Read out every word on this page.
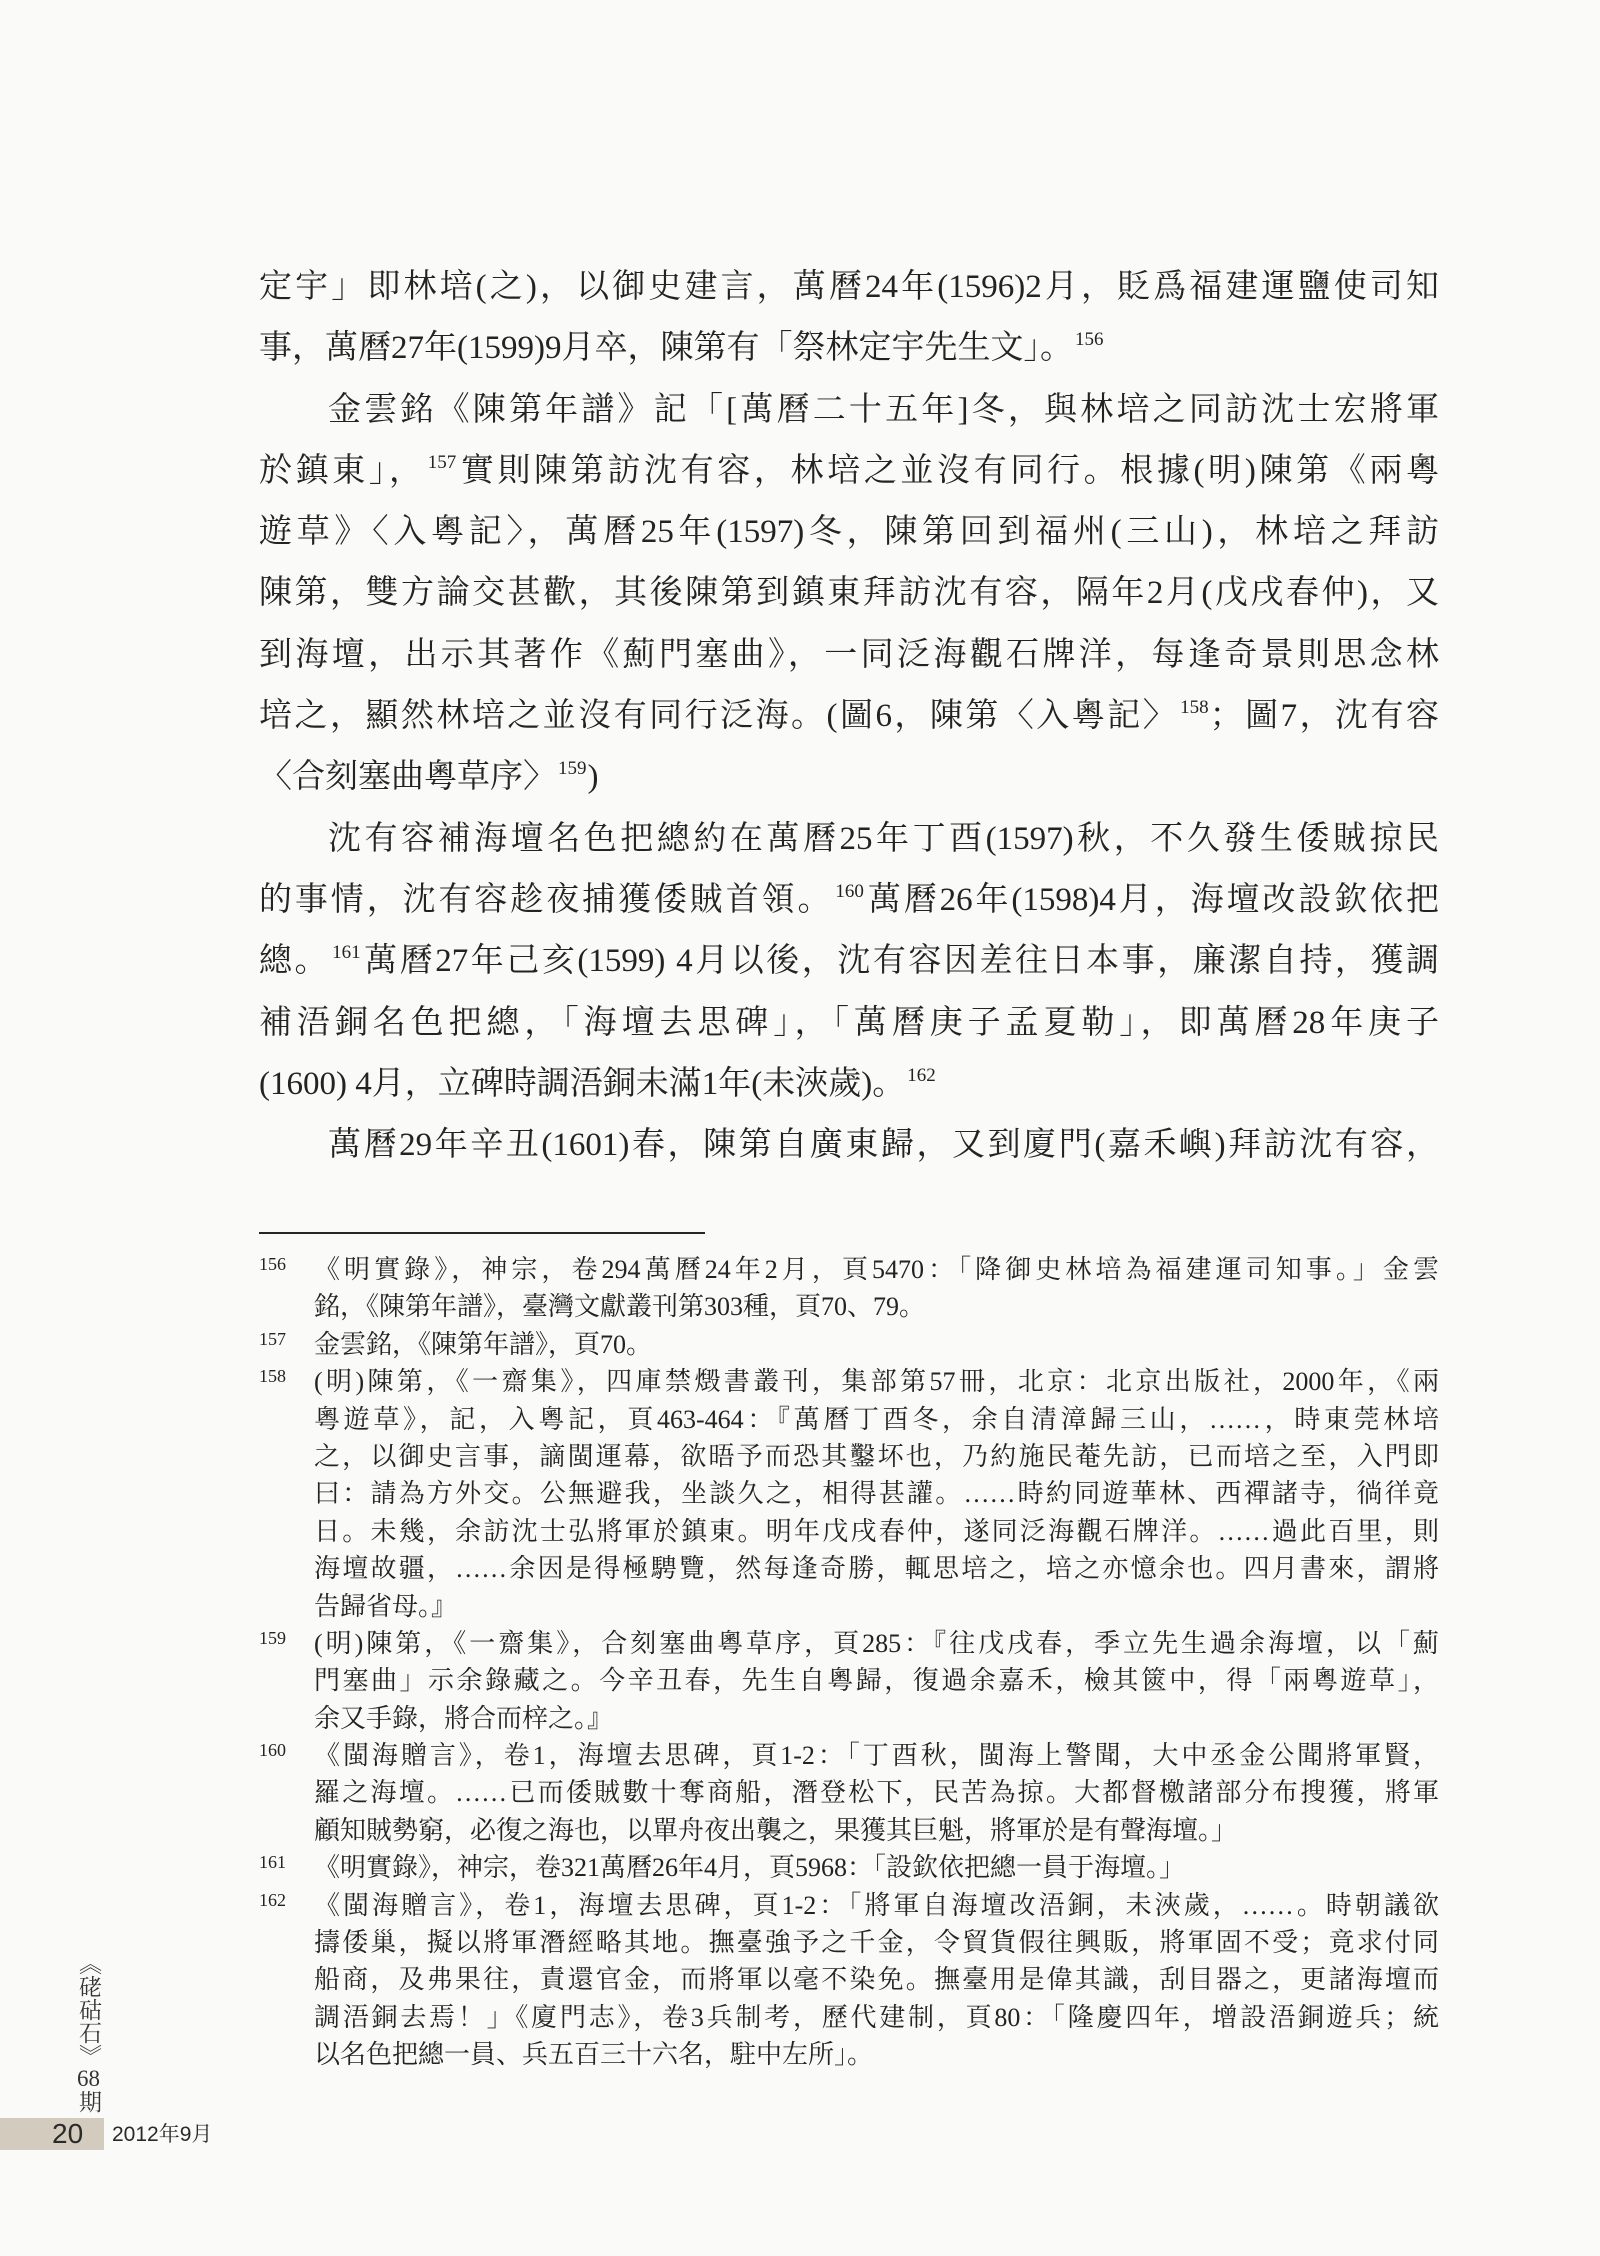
定宇」即林培(之)，以御史建言，萬曆24年(1596)2月，貶爲福建運鹽使司知
事，萬曆27年(1599)9月卒，陳第有「祭林定宇先生文」。 $^{156}$
金雲銘《陳第年譜》記「[萬曆二十五年]冬，與林培之同訪沈士宏將軍
於鎮東」， $^{157}$實則陳第訪沈有容，林培之並沒有同行。根據(明)陳第《兩粵
遊草》〈入粵記〉，萬曆25年(1597)冬，陳第回到福州(三山)，林培之拜訪
陳第，雙方論交甚歡，其後陳第到鎮東拜訪沈有容，隔年2月(戊戌春仲)，又
到海壇，出示其著作《薊門塞曲》，一同泛海觀石牌洋，每逢奇景則思念林
培之，顯然林培之並沒有同行泛海。(圖6，陳第〈入粵記〉 $^{158}$；圖7，沈有容
〈合刻塞曲粵草序〉 $^{159}$)
沈有容補海壇名色把總約在萬曆25年丁酉(1597)秋，不久發生倭賊掠民
的事情，沈有容趁夜捕獲倭賊首領。 $^{160}$萬曆26年(1598)4月，海壇改設欽依把
總。 $^{161}$萬曆27年己亥(1599) 4月以後，沈有容因差往日本事，廉潔自持，獲調
補浯銅名色把總，「海壇去思碑」，「萬曆庚子孟夏勒」，即萬曆28年庚子
(1600) 4月，立碑時調浯銅未滿1年(未浹歲)。 $^{162}$
萬曆29年辛丑(1601)春，陳第自廣東歸，又到廈門(嘉禾嶼)拜訪沈有容，
156	《明實錄》，神宗，卷294萬曆24年2月，頁5470：「降御史林培為福建運司知事。」金雲
銘，《陳第年譜》，臺灣文獻叢刊第303種，頁70、79。
157	金雲銘，《陳第年譜》，頁70。
158	(明)陳第，《一齋集》，四庫禁燬書叢刊，集部第57冊，北京：北京出版社，2000年，《兩
粵遊草》，記，入粵記，頁463-464：『萬曆丁酉冬，余自清漳歸三山，……，時東莞林培
之，以御史言事，謫閩運幕，欲晤予而恐其鑿坏也，乃約施民菴先訪，已而培之至，入門即
曰：請為方外交。公無避我，坐談久之，相得甚讙。……時約同遊華林、西禪諸寺，徜徉竟
日。未幾，余訪沈士弘將軍於鎮東。明年戊戌春仲，遂同泛海觀石牌洋。……過此百里，則
海壇故疆，……余因是得極騁覽，然每逢奇勝，輒思培之，培之亦憶余也。四月書來，謂將
告歸省母。』
159	(明)陳第，《一齋集》，合刻塞曲粵草序，頁285：『往戊戌春，季立先生過余海壇，以「薊
門塞曲」示余錄藏之。今辛丑春，先生自粵歸，復過余嘉禾，檢其篋中，得「兩粵遊草」，
余又手錄，將合而梓之。』
160	《閩海贈言》，卷1，海壇去思碑，頁1-2：「丁酉秋，閩海上警聞，大中丞金公聞將軍賢，
羅之海壇。……已而倭賊數十奪商船，潛登松下，民苦為掠。大都督檄諸部分布搜獲，將軍
顧知賊勢窮，必復之海也，以單舟夜出襲之，果獲其巨魁，將軍於是有聲海壇。」
161	《明實錄》，神宗，卷321萬曆26年4月，頁5968：「設欽依把總一員于海壇。」
162	《閩海贈言》，卷1，海壇去思碑，頁1-2：「將軍自海壇改浯銅，未浹歲，……。時朝議欲
擣倭巢，擬以將軍潛經略其地。撫臺強予之千金，令貿貨假往興販，將軍固不受；竟求付同
船商，及弗果往，責還官金，而將軍以毫不染免。撫臺用是偉其識，刮目器之，更諸海壇而
調浯銅去焉！」《廈門志》，卷3兵制考，歷代建制，頁80：「隆慶四年，增設浯銅遊兵；統
以名色把總一員、兵五百三十六名，駐中左所」。
《硓𥑮石》68期
20 2012年9月
